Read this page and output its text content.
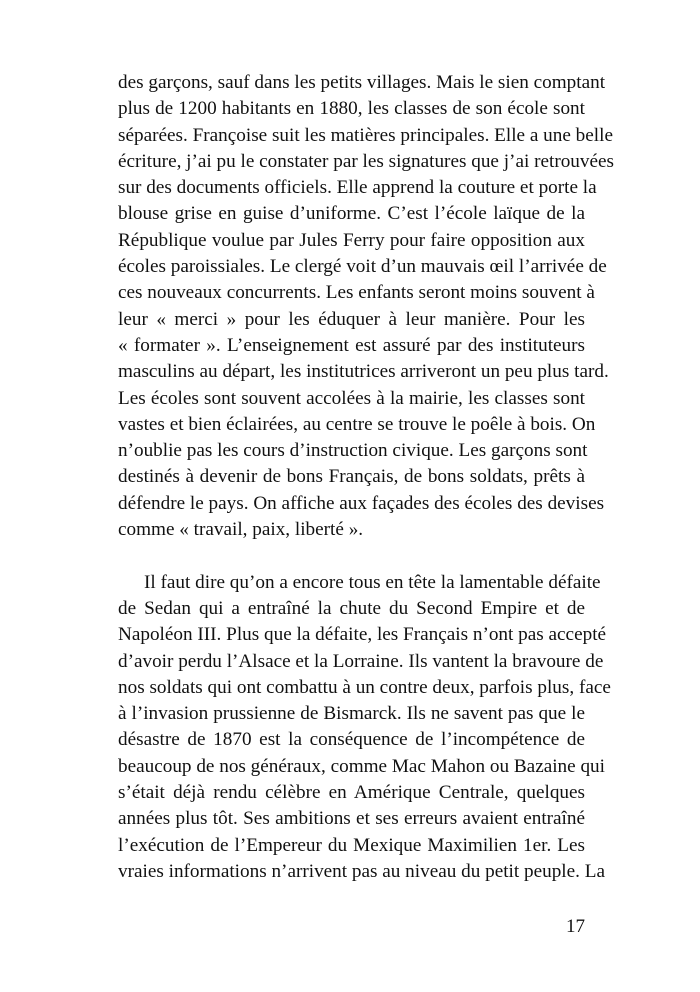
des garçons, sauf dans les petits villages. Mais le sien comptant
plus de 1200 habitants en 1880, les classes de son école sont
séparées. Françoise suit les matières principales. Elle a une belle
écriture, j’ai pu le constater par les signatures que j’ai retrouvées
sur des documents officiels. Elle apprend la couture et porte la
blouse grise en guise d’uniforme. C’est l’école laïque de la
République voulue par Jules Ferry pour faire opposition aux
écoles paroissiales. Le clergé voit d’un mauvais œil l’arrivée de
ces nouveaux concurrents. Les enfants seront moins souvent à
leur « merci » pour les éduquer à leur manière. Pour les
« formater ». L’enseignement est assuré par des instituteurs
masculins au départ, les institutrices arriveront un peu plus tard.
Les écoles sont souvent accolées à la mairie, les classes sont
vastes et bien éclairées, au centre se trouve le poêle à bois. On
n’oublie pas les cours d’instruction civique. Les garçons sont
destinés à devenir de bons Français, de bons soldats, prêts à
défendre le pays. On affiche aux façades des écoles des devises
comme « travail, paix, liberté ».
Il faut dire qu’on a encore tous en tête la lamentable défaite
de Sedan qui a entraîné la chute du Second Empire et de
Napoléon III. Plus que la défaite, les Français n’ont pas accepté
d’avoir perdu l’Alsace et la Lorraine. Ils vantent la bravoure de
nos soldats qui ont combattu à un contre deux, parfois plus, face
à l’invasion prussienne de Bismarck. Ils ne savent pas que le
désastre de 1870 est la conséquence de l’incompétence de
beaucoup de nos généraux, comme Mac Mahon ou Bazaine qui
s’était déjà rendu célèbre en Amérique Centrale, quelques
années plus tôt. Ses ambitions et ses erreurs avaient entraîné
l’exécution de l’Empereur du Mexique Maximilien 1er. Les
vraies informations n’arrivent pas au niveau du petit peuple. La
17
